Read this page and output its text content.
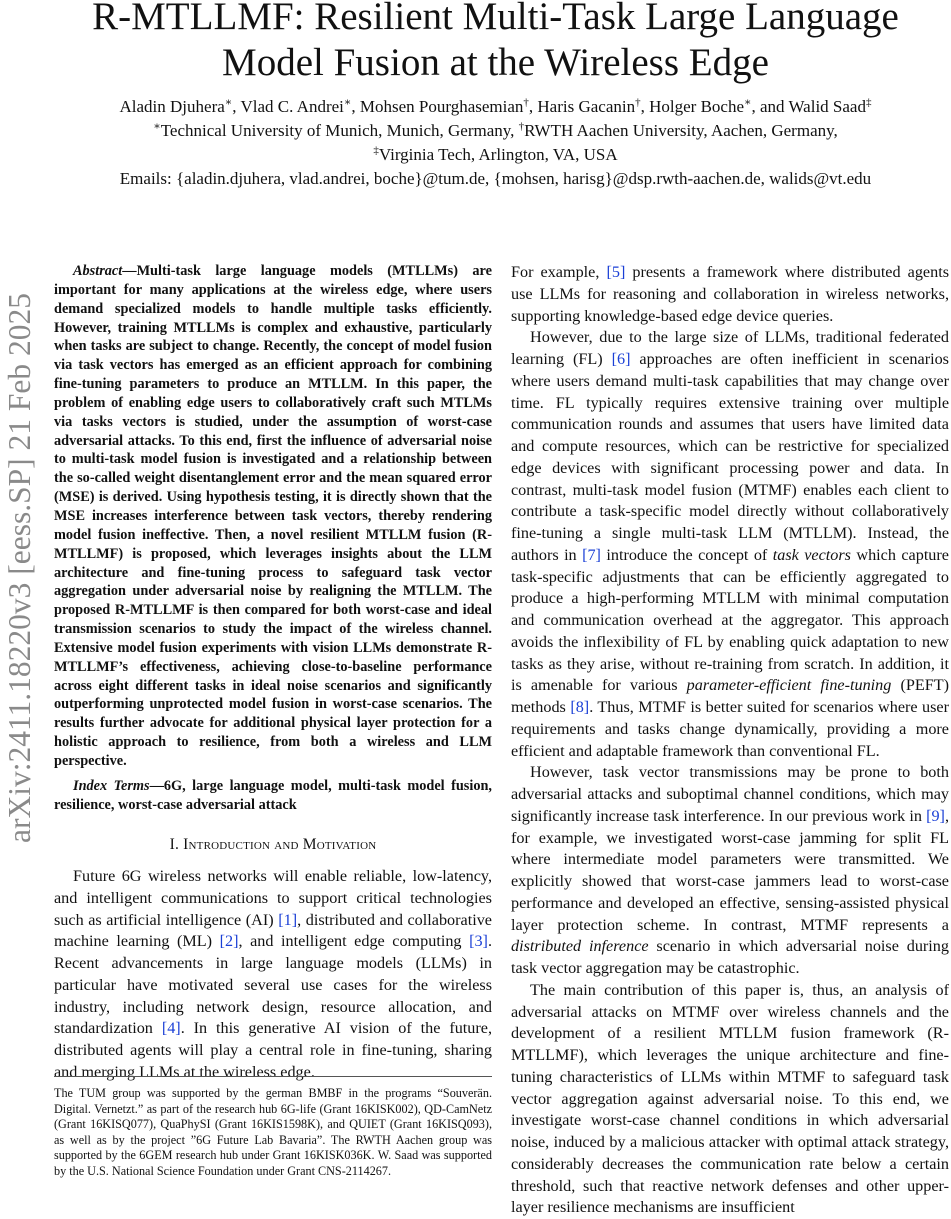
arXiv:2411.18220v3 [eess.SP] 21 Feb 2025
R-MTLLMF: Resilient Multi-Task Large Language
Model Fusion at the Wireless Edge
Aladin Djuhera∗, Vlad C. Andrei∗, Mohsen Pourghasemian†, Haris Gacanin†, Holger Boche∗, and Walid Saad‡
∗Technical University of Munich, Munich, Germany, †RWTH Aachen University, Aachen, Germany,
‡Virginia Tech, Arlington, VA, USA
Emails: {aladin.djuhera, vlad.andrei, boche}@tum.de, {mohsen, harisg}@dsp.rwth-aachen.de, walids@vt.edu

Abstract—Multi-task large language models (MTLLMs) are important for many applications at the wireless edge, where users demand specialized models to handle multiple tasks efficiently. However, training MTLLMs is complex and exhaustive, particularly when tasks are subject to change. Recently, the concept of model fusion via task vectors has emerged as an efficient approach for combining fine-tuning parameters to produce an MTLLM. In this paper, the problem of enabling edge users to collaboratively craft such MTLMs via tasks vectors is studied, under the assumption of worst-case adversarial attacks. To this end, first the influence of adversarial noise to multi-task model fusion is investigated and a relationship between the so-called weight disentanglement error and the mean squared error (MSE) is derived. Using hypothesis testing, it is directly shown that the MSE increases interference between task vectors, thereby rendering model fusion ineffective. Then, a novel resilient MTLLM fusion (R-MTLLMF) is proposed, which leverages insights about the LLM architecture and fine-tuning process to safeguard task vector aggregation under adversarial noise by realigning the MTLLM. The proposed R-MTLLMF is then compared for both worst-case and ideal transmission scenarios to study the impact of the wireless channel. Extensive model fusion experiments with vision LLMs demonstrate R-MTLLMF’s effectiveness, achieving close-to-baseline performance across eight different tasks in ideal noise scenarios and significantly outperforming unprotected model fusion in worst-case scenarios. The results further advocate for additional physical layer protection for a holistic approach to resilience, from both a wireless and LLM perspective.

Index Terms—6G, large language model, multi-task model fusion, resilience, worst-case adversarial attack

I. Introduction and Motivation

Future 6G wireless networks will enable reliable, low-latency, and intelligent communications to support critical technologies such as artificial intelligence (AI) [1], distributed and collaborative machine learning (ML) [2], and intelligent edge computing [3]. Recent advancements in large language models (LLMs) in particular have motivated several use cases for the wireless industry, including network design, resource allocation, and standardization [4]. In this generative AI vision of the future, distributed agents will play a central role in fine-tuning, sharing and merging LLMs at the wireless edge.

The TUM group was supported by the german BMBF in the programs “Souverän. Digital. Vernetzt.” as part of the research hub 6G-life (Grant 16KISK002), QD-CamNetz (Grant 16KISQ077), QuaPhySI (Grant 16KIS1598K), and QUIET (Grant 16KISQ093), as well as by the project ”6G Future Lab Bavaria”. The RWTH Aachen group was supported by the 6GEM research hub under Grant 16KISK036K. W. Saad was supported by the U.S. National Science Foundation under Grant CNS-2114267.

For example, [5] presents a framework where distributed agents use LLMs for reasoning and collaboration in wireless networks, supporting knowledge-based edge device queries.

However, due to the large size of LLMs, traditional federated learning (FL) [6] approaches are often inefficient in scenarios where users demand multi-task capabilities that may change over time. FL typically requires extensive training over multiple communication rounds and assumes that users have limited data and compute resources, which can be restrictive for specialized edge devices with significant processing power and data. In contrast, multi-task model fusion (MTMF) enables each client to contribute a task-specific model directly without collaboratively fine-tuning a single multi-task LLM (MTLLM). Instead, the authors in [7] introduce the concept of task vectors which capture task-specific adjustments that can be efficiently aggregated to produce a high-performing MTLLM with minimal computation and communication overhead at the aggregator. This approach avoids the inflexibility of FL by enabling quick adaptation to new tasks as they arise, without re-training from scratch. In addition, it is amenable for various parameter-efficient fine-tuning (PEFT) methods [8]. Thus, MTMF is better suited for scenarios where user requirements and tasks change dynamically, providing a more efficient and adaptable framework than conventional FL.

However, task vector transmissions may be prone to both adversarial attacks and suboptimal channel conditions, which may significantly increase task interference. In our previous work in [9], for example, we investigated worst-case jamming for split FL where intermediate model parameters were transmitted. We explicitly showed that worst-case jammers lead to worst-case performance and developed an effective, sensing-assisted physical layer protection scheme. In contrast, MTMF represents a distributed inference scenario in which adversarial noise during task vector aggregation may be catastrophic.

The main contribution of this paper is, thus, an analysis of adversarial attacks on MTMF over wireless channels and the development of a resilient MTLLM fusion framework (R-MTLLMF), which leverages the unique architecture and fine-tuning characteristics of LLMs within MTMF to safeguard task vector aggregation against adversarial noise. To this end, we investigate worst-case channel conditions in which adversarial noise, induced by a malicious attacker with optimal attack strategy, considerably decreases the communication rate below a certain threshold, such that reactive network defenses and other upper-layer resilience mechanisms are insufficient
